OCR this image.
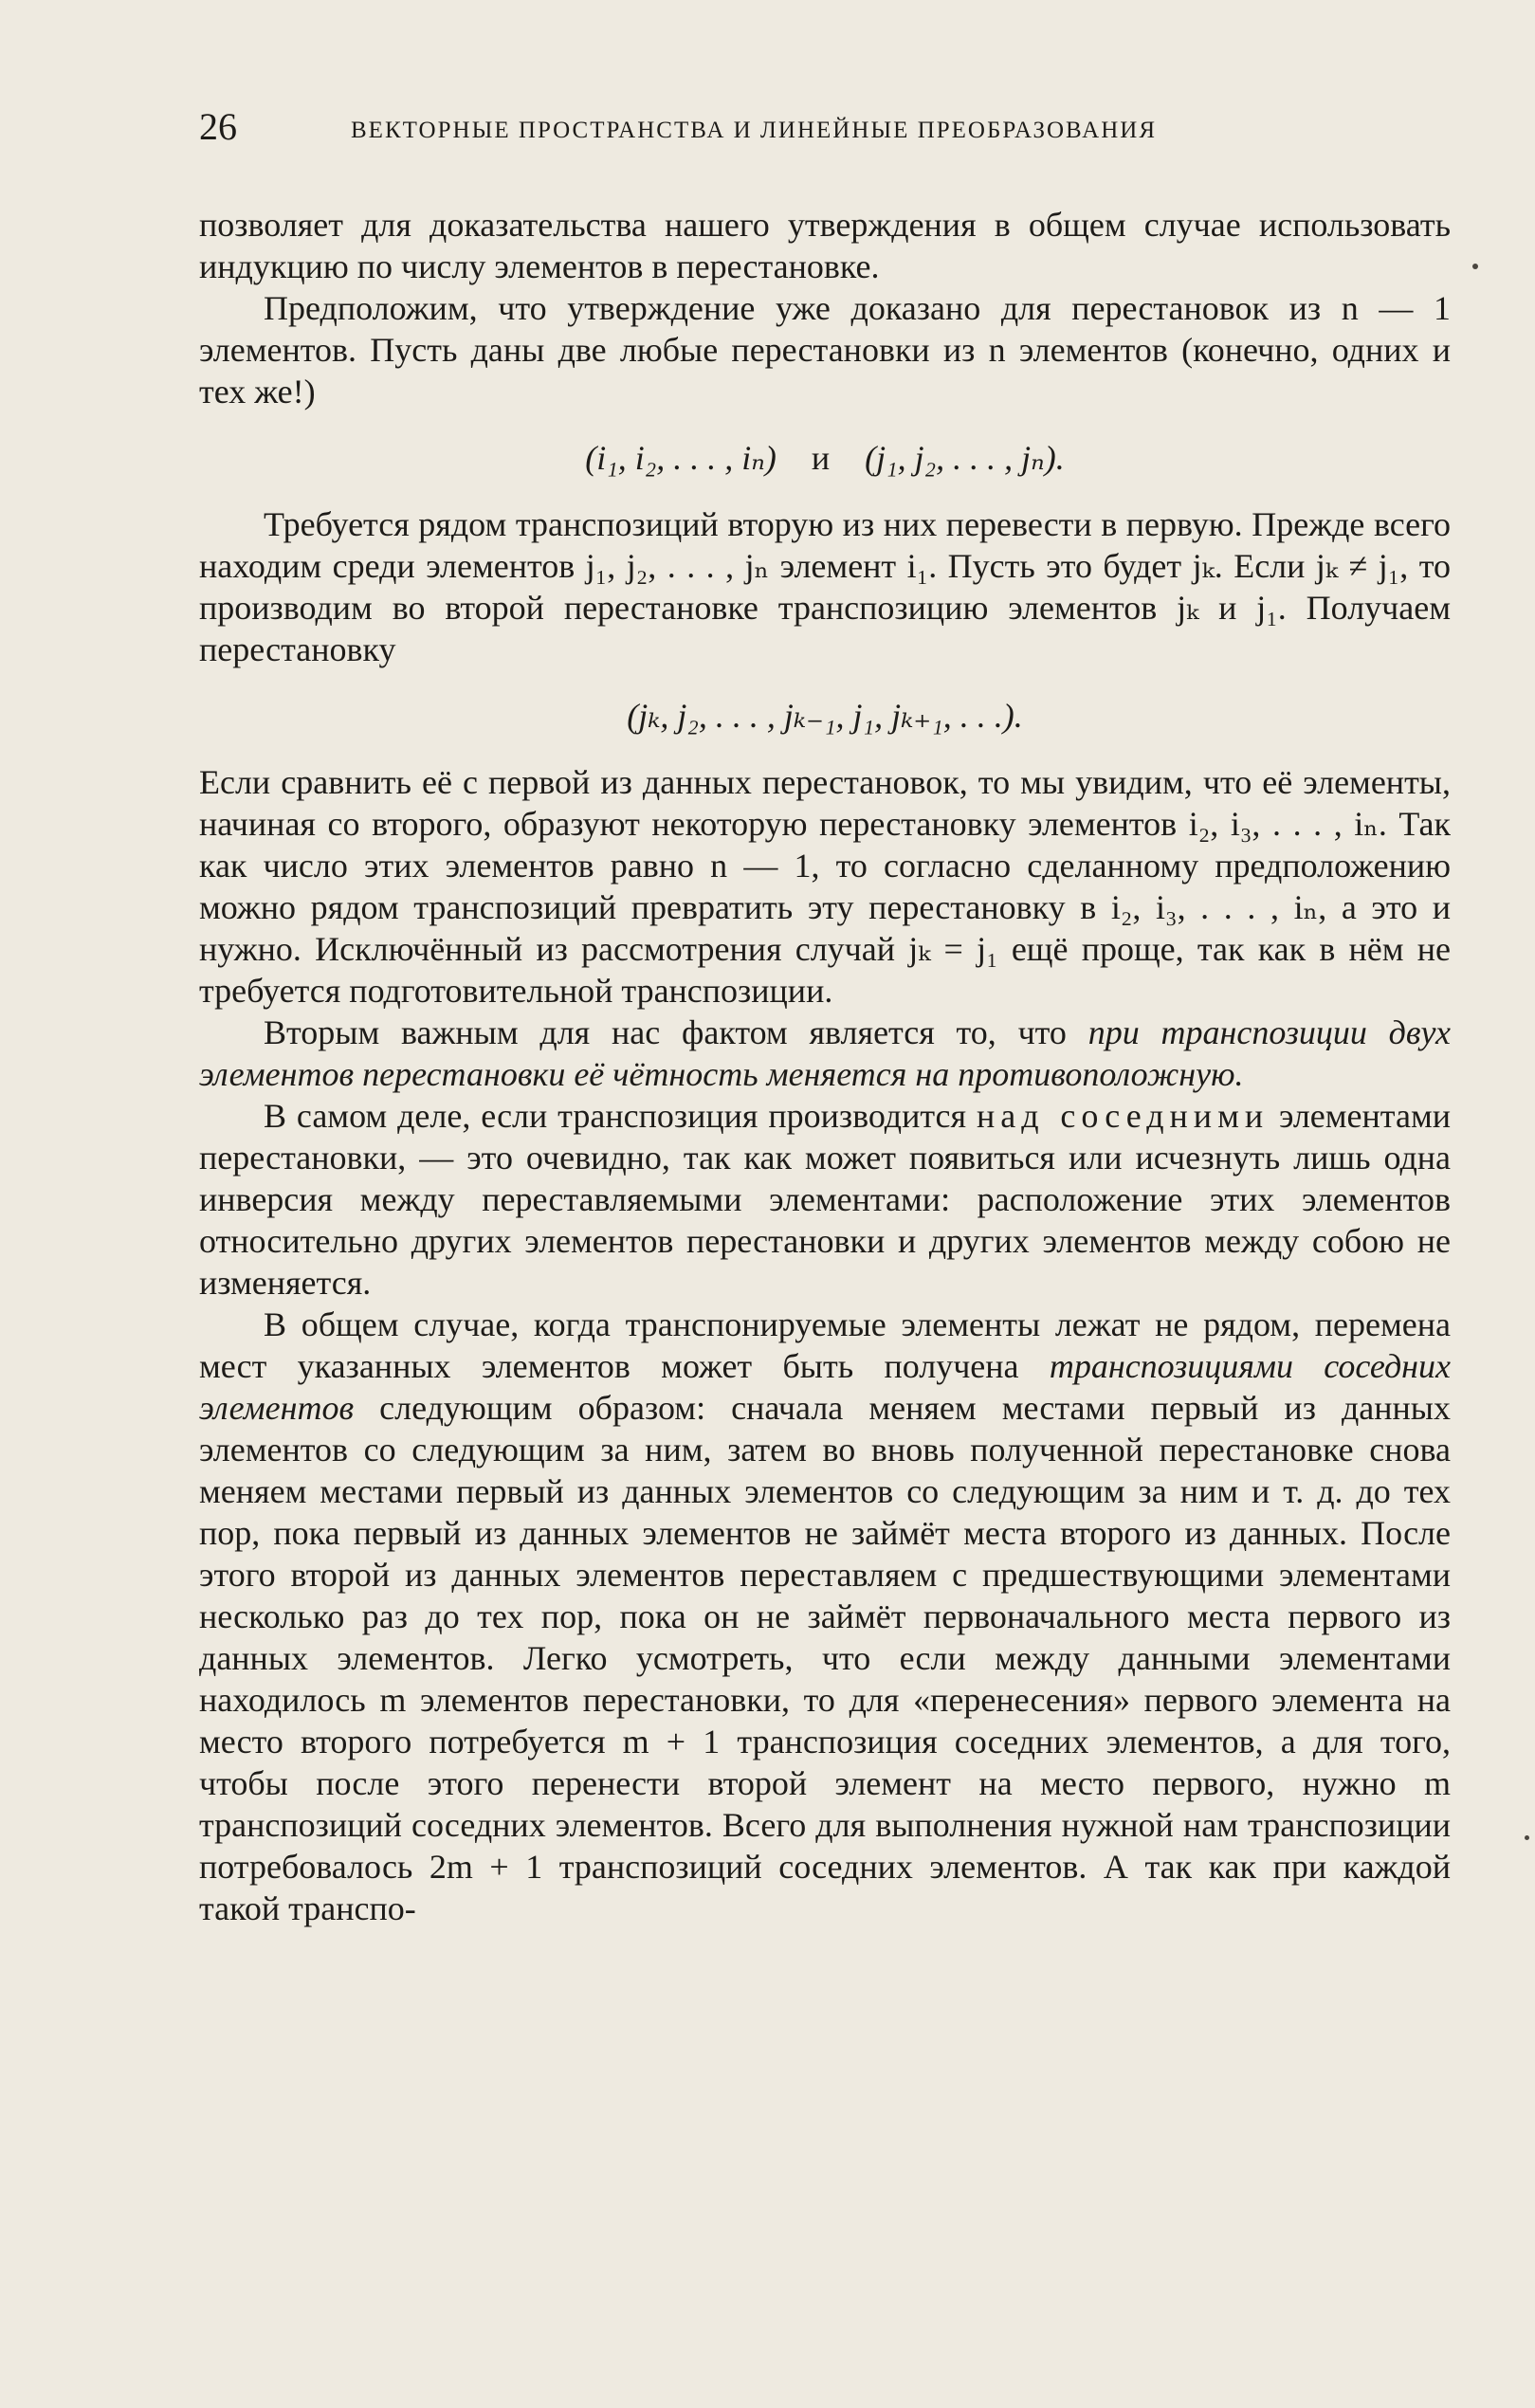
26	ВЕКТОРНЫЕ ПРОСТРАНСТВА И ЛИНЕЙНЫЕ ПРЕОБРАЗОВАНИЯ

позволяет для доказательства нашего утверждения в общем случае использовать индукцию по числу элементов в перестановке.

Предположим, что утверждение уже доказано для перестановок из n — 1 элементов. Пусть даны две любые перестановки из n элементов (конечно, одних и тех же!)

(i₁, i₂, . . . , iₙ) и (j₁, j₂, . . . , jₙ).

Требуется рядом транспозиций вторую из них перевести в первую. Прежде всего находим среди элементов j₁, j₂, . . . , jₙ элемент i₁. Пусть это будет jₖ. Если jₖ ≠ j₁, то производим во второй перестановке транспозицию элементов jₖ и j₁. Получаем перестановку

(jₖ, j₂, . . . , jₖ₋₁, j₁, jₖ₊₁, . . .).

Если сравнить её с первой из данных перестановок, то мы увидим, что её элементы, начиная со второго, образуют некоторую перестановку элементов i₂, i₃, . . . , iₙ. Так как число этих элементов равно n — 1, то согласно сделанному предположению можно рядом транспозиций превратить эту перестановку в i₂, i₃, . . . , iₙ, а это и нужно. Исключённый из рассмотрения случай jₖ = j₁ ещё проще, так как в нём не требуется подготовительной транспозиции.

Вторым важным для нас фактом является то, что при транспозиции двух элементов перестановки её чётность меняется на противоположную.

В самом деле, если транспозиция производится над соседними элементами перестановки, — это очевидно, так как может появиться или исчезнуть лишь одна инверсия между переставляемыми элементами: расположение этих элементов относительно других элементов перестановки и других элементов между собою не изменяется.

В общем случае, когда транспонируемые элементы лежат не рядом, перемена мест указанных элементов может быть получена транспозициями соседних элементов следующим образом: сначала меняем местами первый из данных элементов со следующим за ним, затем во вновь полученной перестановке снова меняем местами первый из данных элементов со следующим за ним и т. д. до тех пор, пока первый из данных элементов не займёт места второго из данных. После этого второй из данных элементов переставляем с предшествующими элементами несколько раз до тех пор, пока он не займёт первоначального места первого из данных элементов. Легко усмотреть, что если между данными элементами находилось m элементов перестановки, то для «перенесения» первого элемента на место второго потребуется m + 1 транспозиция соседних элементов, а для того, чтобы после этого перенести второй элемент на место первого, нужно m транспозиций соседних элементов. Всего для выполнения нужной нам транспозиции потребовалось 2m + 1 транспозиций соседних элементов. А так как при каждой такой транспо-
